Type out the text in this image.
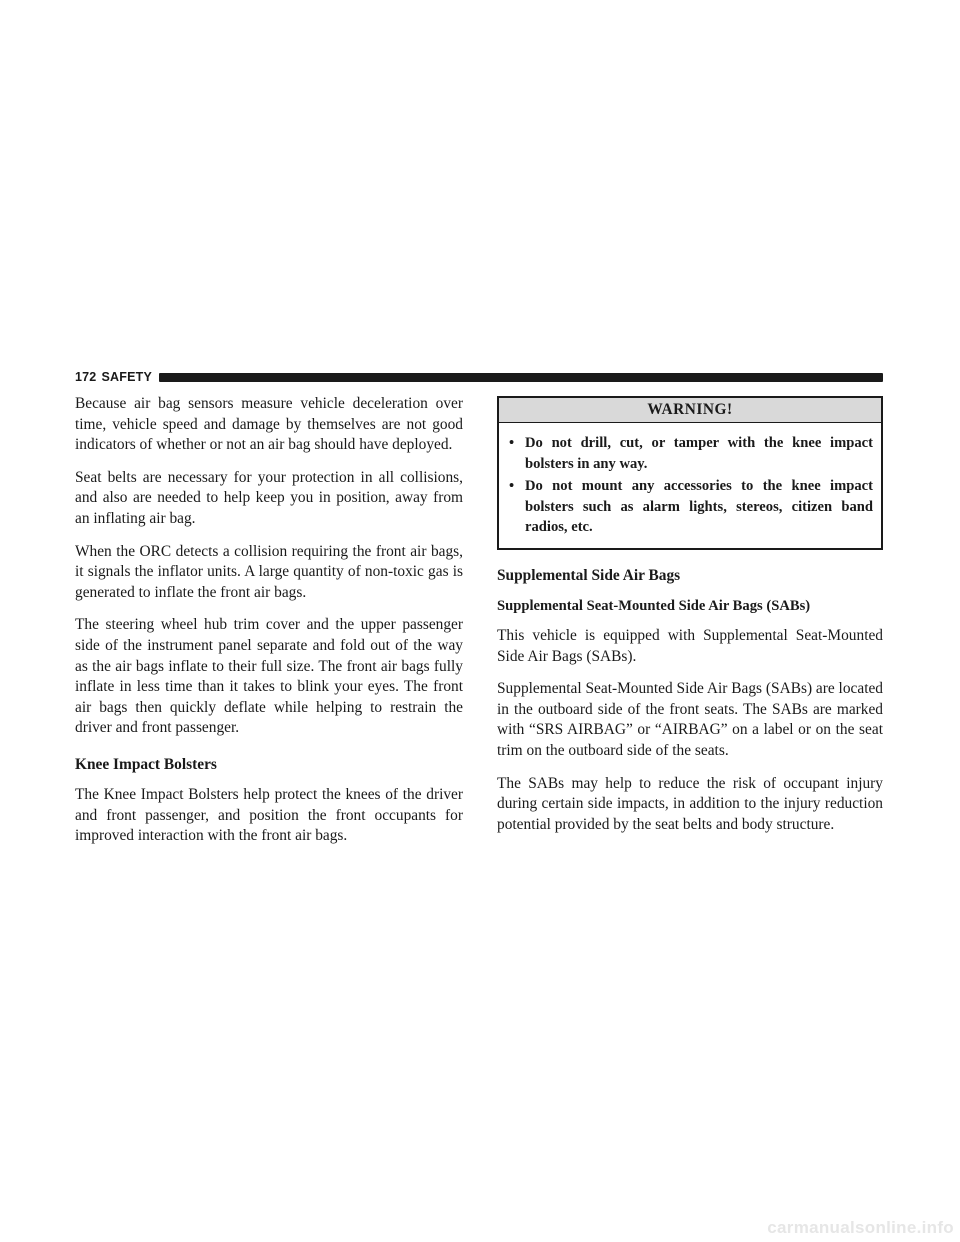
172 SAFETY

Because air bag sensors measure vehicle deceleration over time, vehicle speed and damage by themselves are not good indicators of whether or not an air bag should have deployed.

Seat belts are necessary for your protection in all collisions, and also are needed to help keep you in position, away from an inflating air bag.

When the ORC detects a collision requiring the front air bags, it signals the inflator units. A large quantity of non-toxic gas is generated to inflate the front air bags.

The steering wheel hub trim cover and the upper passenger side of the instrument panel separate and fold out of the way as the air bags inflate to their full size. The front air bags fully inflate in less time than it takes to blink your eyes. The front air bags then quickly deflate while helping to restrain the driver and front passenger.

Knee Impact Bolsters

The Knee Impact Bolsters help protect the knees of the driver and front passenger, and position the front occupants for improved interaction with the front air bags.

WARNING!
• Do not drill, cut, or tamper with the knee impact bolsters in any way.
• Do not mount any accessories to the knee impact bolsters such as alarm lights, stereos, citizen band radios, etc.
Supplemental Side Air Bags
Supplemental Seat-Mounted Side Air Bags (SABs)

This vehicle is equipped with Supplemental Seat-Mounted Side Air Bags (SABs).

Supplemental Seat-Mounted Side Air Bags (SABs) are located in the outboard side of the front seats. The SABs are marked with “SRS AIRBAG” or “AIRBAG” on a label or on the seat trim on the outboard side of the seats.

The SABs may help to reduce the risk of occupant injury during certain side impacts, in addition to the injury reduction potential provided by the seat belts and body structure.

carmanualsonline.info
